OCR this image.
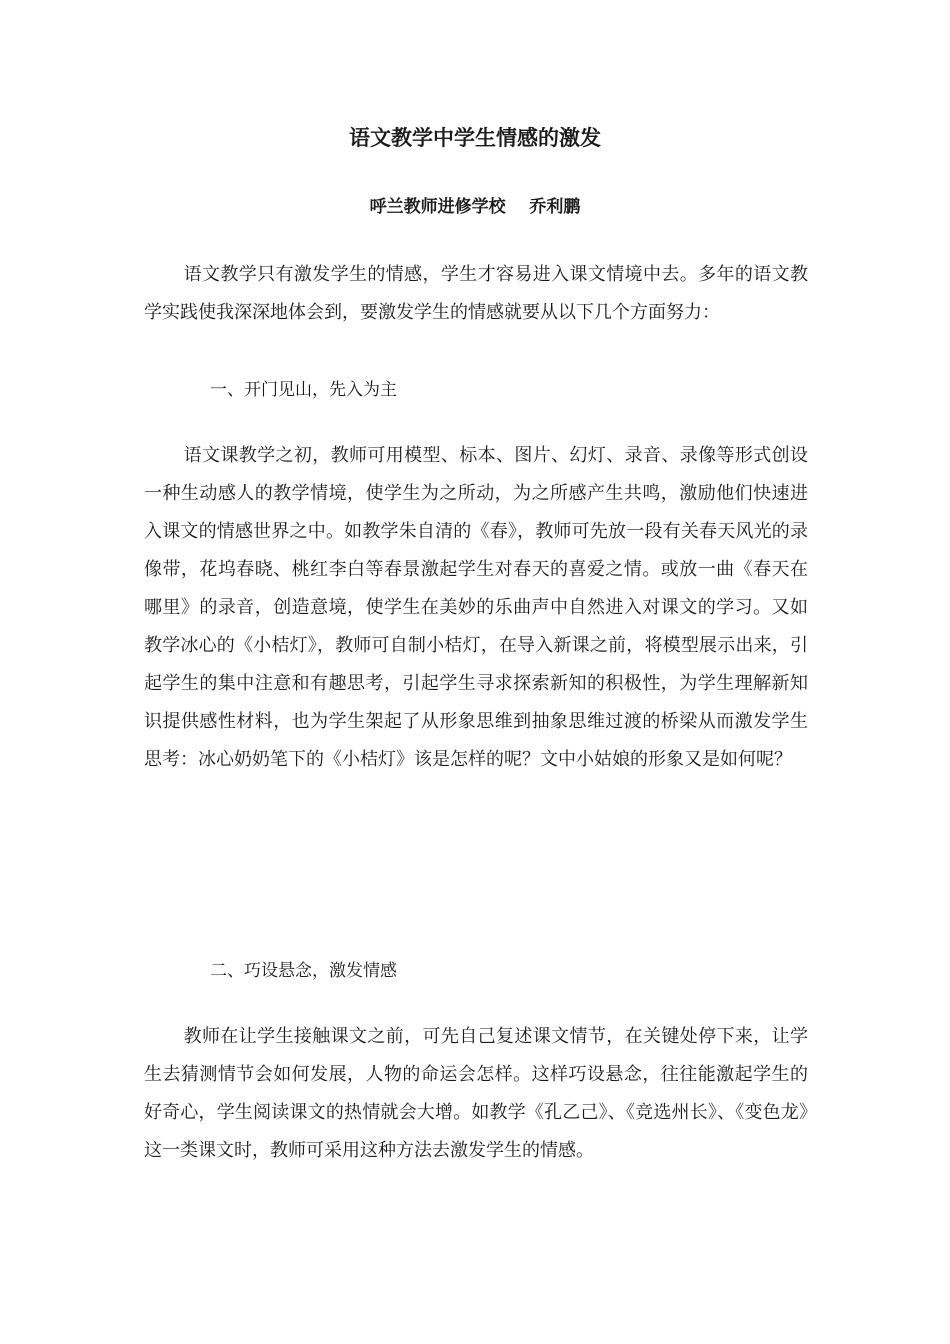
语文教学中学生情感的激发
呼兰教师进修学校    乔利鹏

语文教学只有激发学生的情感，学生才容易进入课文情境中去。多年的语文教学实践使我深深地体会到，要激发学生的情感就要从以下几个方面努力：

一、开门见山，先入为主

语文课教学之初，教师可用模型、标本、图片、幻灯、录音、录像等形式创设一种生动感人的教学情境，使学生为之所动，为之所感产生共鸣，激励他们快速进入课文的情感世界之中。如教学朱自清的《春》，教师可先放一段有关春天风光的录像带，花坞春晓、桃红李白等春景激起学生对春天的喜爱之情。或放一曲《春天在哪里》的录音，创造意境，使学生在美妙的乐曲声中自然进入对课文的学习。又如教学冰心的《小桔灯》，教师可自制小桔灯，在导入新课之前，将模型展示出来，引起学生的集中注意和有趣思考，引起学生寻求探索新知的积极性，为学生理解新知识提供感性材料，也为学生架起了从形象思维到抽象思维过渡的桥梁从而激发学生思考：冰心奶奶笔下的《小桔灯》该是怎样的呢？文中小姑娘的形象又是如何呢？

二、巧设悬念，激发情感

教师在让学生接触课文之前，可先自己复述课文情节，在关键处停下来，让学生去猜测情节会如何发展，人物的命运会怎样。这样巧设悬念，往往能激起学生的好奇心，学生阅读课文的热情就会大增。如教学《孔乙己》、《竞选州长》、《变色龙》这一类课文时，教师可采用这种方法去激发学生的情感。
